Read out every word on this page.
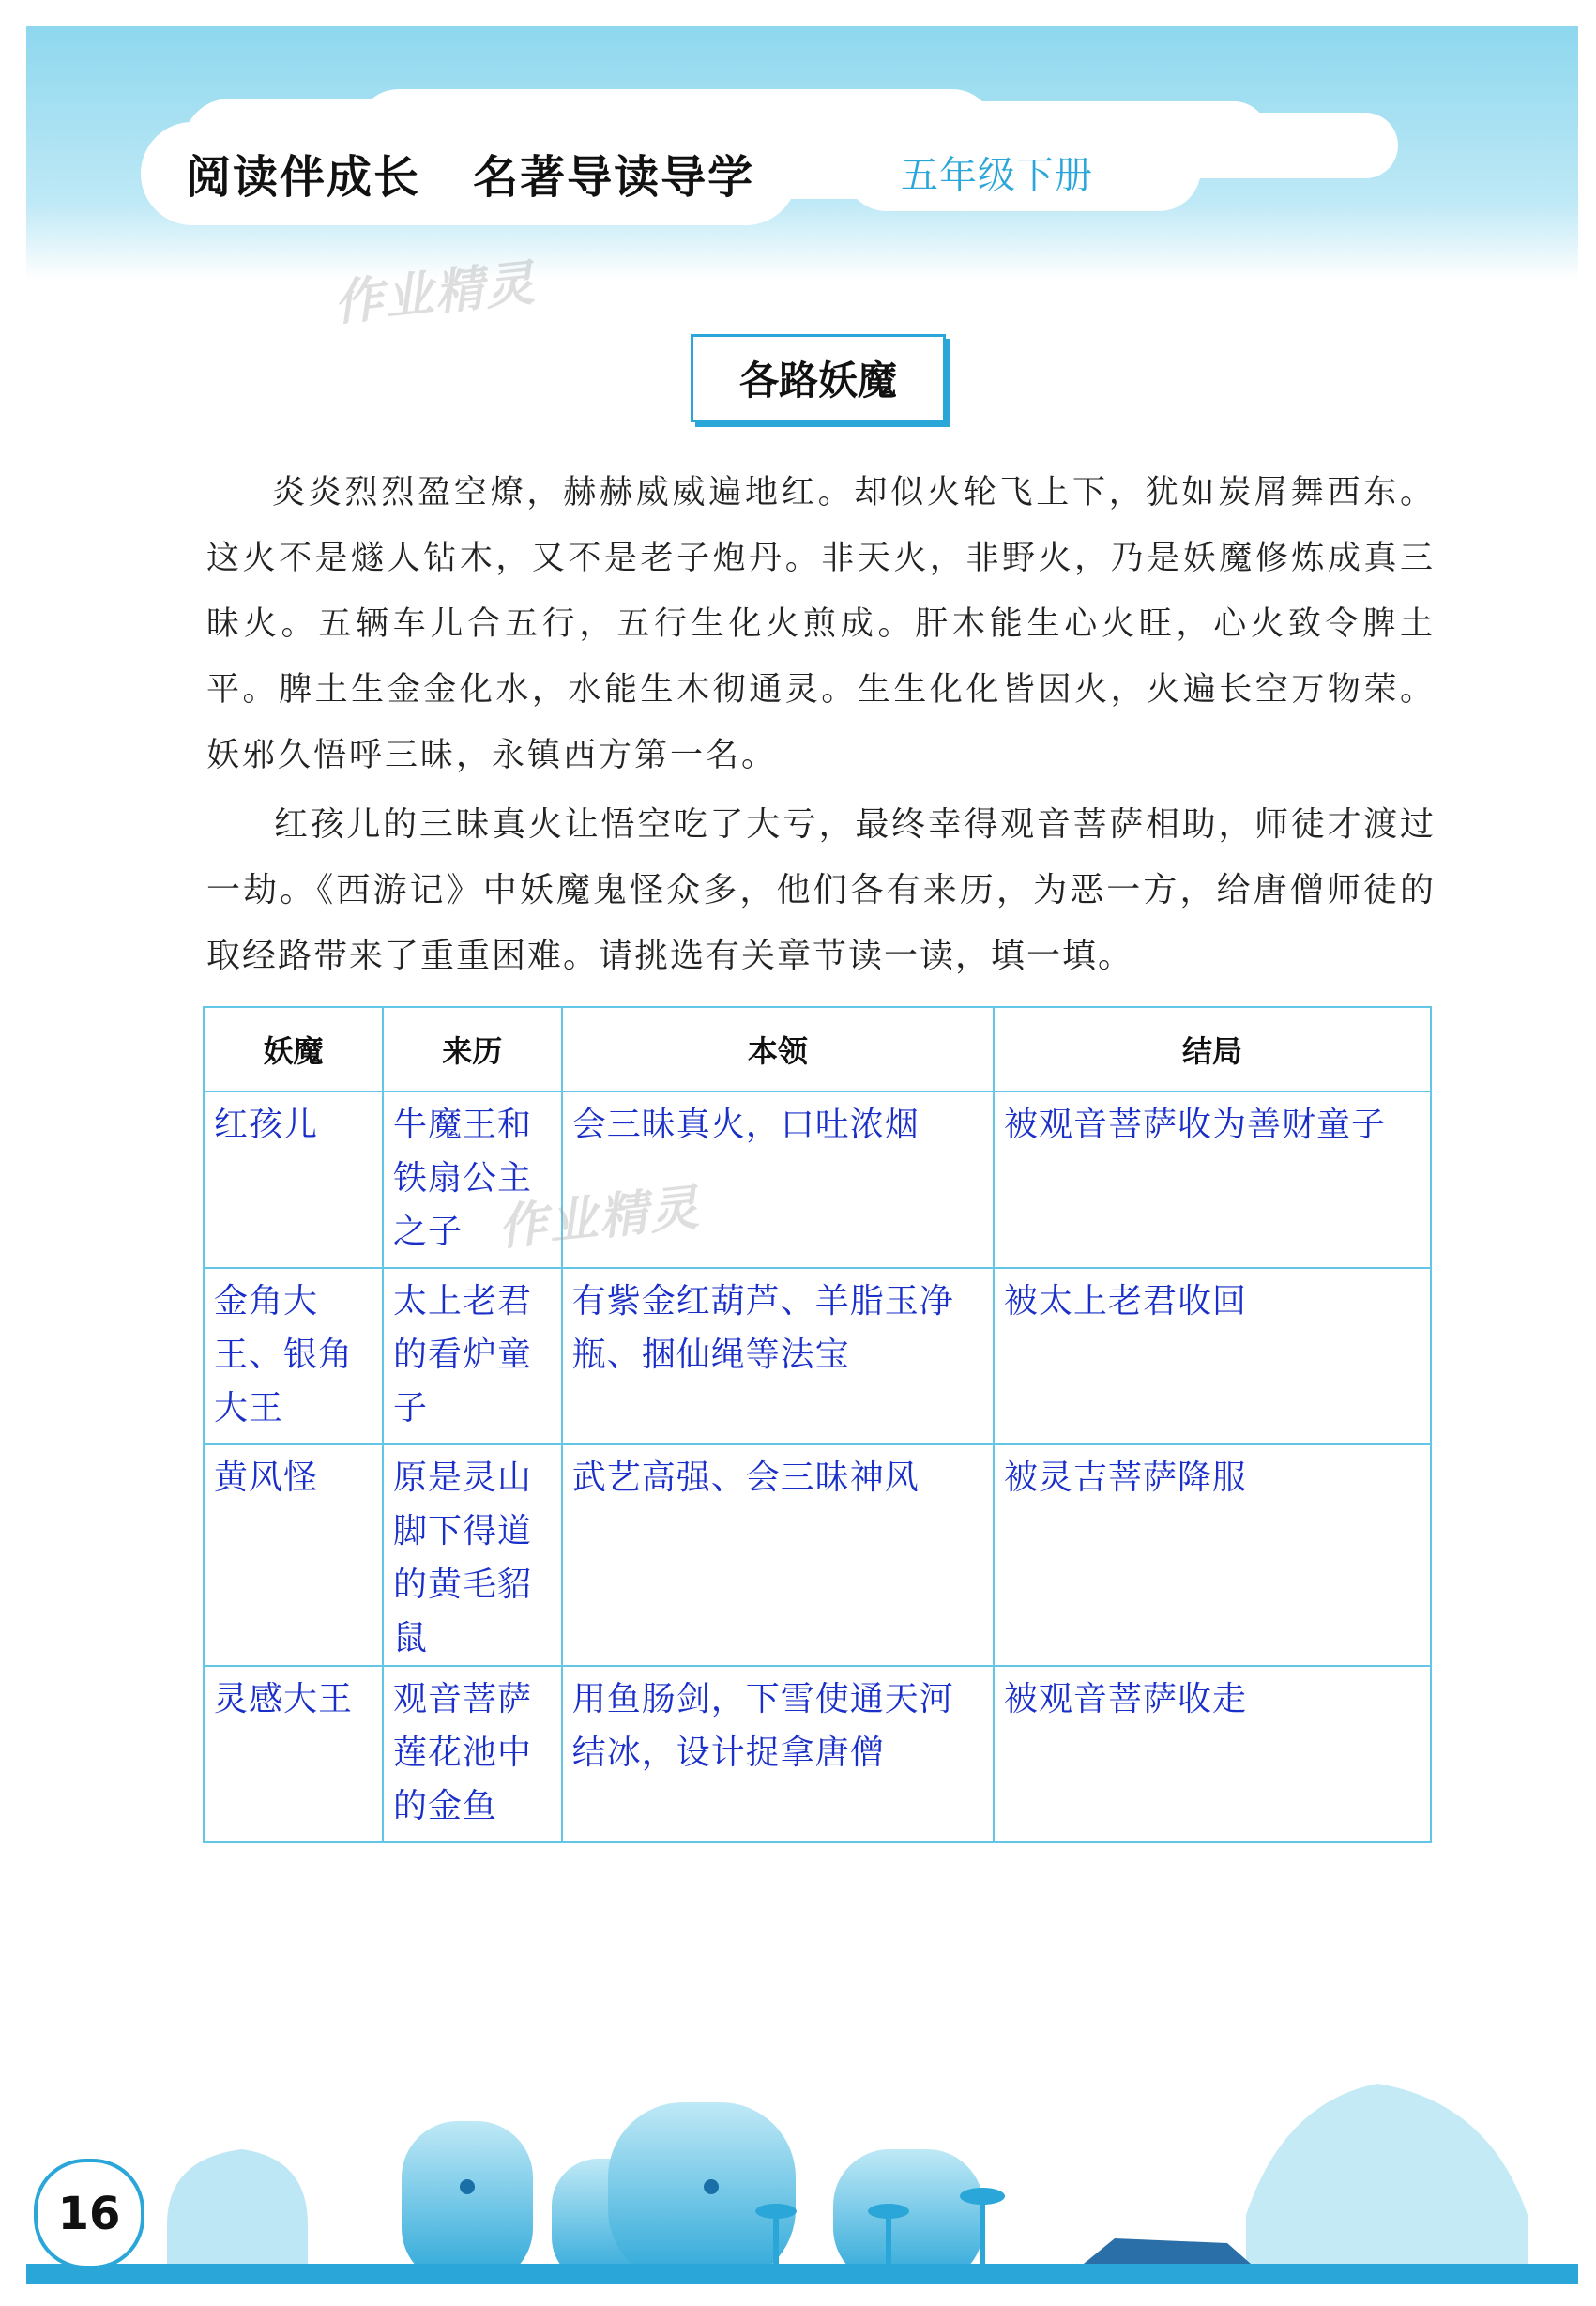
阅读伴成长   名著导读导学	五年级下册
作业精灵
各路妖魔
炎炎烈烈盈空燎，赫赫威威遍地红。却似火轮飞上下，犹如炭屑舞西东。这火不是燧人钻木，又不是老子炮丹。非天火，非野火，乃是妖魔修炼成真三昧火。五辆车儿合五行，五行生化火煎成。肝木能生心火旺，心火致令脾土平。脾土生金金化水，水能生木彻通灵。生生化化皆因火，火遍长空万物荣。妖邪久悟呼三昧，永镇西方第一名。
红孩儿的三昧真火让悟空吃了大亏，最终幸得观音菩萨相助，师徒才渡过一劫。《西游记》中妖魔鬼怪众多，他们各有来历，为恶一方，给唐僧师徒的取经路带来了重重困难。请挑选有关章节读一读，填一填。
妖魔	来历	本领	结局

红孩儿	牛魔王和铁扇公主之子	会三昧真火，口吐浓烟	被观音菩萨收为善财童子

金角大王、银角大王	太上老君的看炉童子	有紫金红葫芦、羊脂玉净瓶、捆仙绳等法宝	被太上老君收回

黄风怪	原是灵山脚下得道的黄毛貂鼠	武艺高强、会三昧神风	被灵吉菩萨降服

灵感大王	观音菩萨莲花池中的金鱼	用鱼肠剑，下雪使通天河结冰，设计捉拿唐僧	被观音菩萨收走
作业精灵
16
